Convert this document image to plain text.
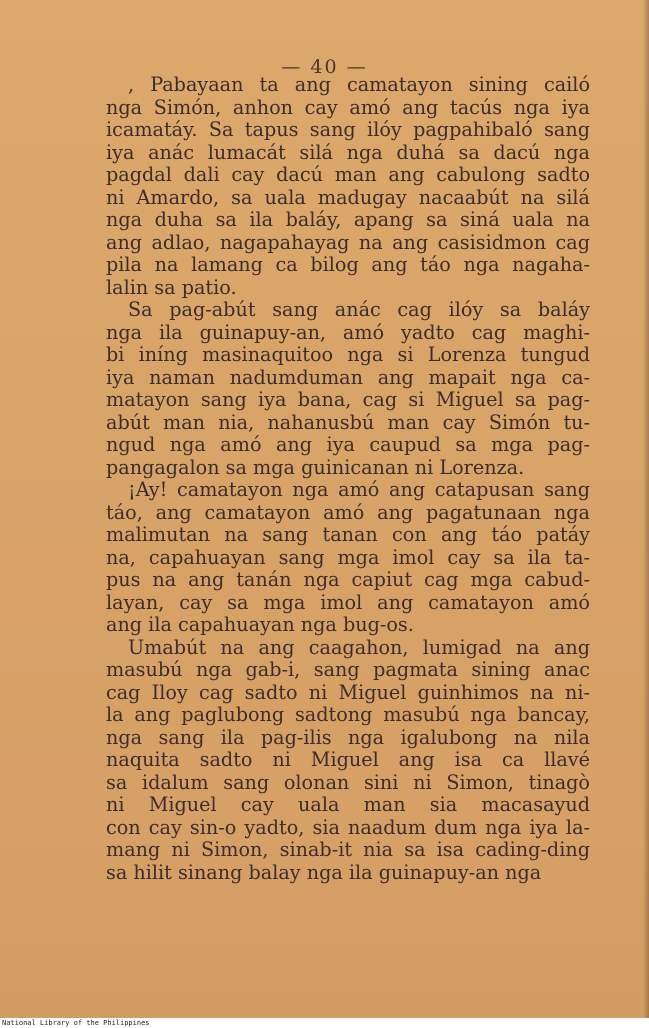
— 40 —
, Pabayaan ta ang camatayon sining cailó
nga Simón, anhon cay amó ang tacús nga iya
icamatáy. Sa tapus sang ilóy pagpahibaló sang
iya anác lumacát silá nga duhá sa dacú nga
pagdal dali cay dacú man ang cabulong sadto
ni Amardo, sa uala madugay nacaabút na silá
nga duha sa ila baláy, apang sa siná uala na
ang adlao, nagapahayag na ang casisidmon cag
pila na lamang ca bilog ang táo nga nagaha-
lalin sa patio.
Sa pag-abút sang anác cag ilóy sa baláy
nga ila guinapuy-an, amó yadto cag maghi-
bi iníng masinaquitoo nga si Lorenza tungud
iya naman nadumduman ang mapait nga ca-
matayon sang iya bana, cag si Miguel sa pag-
abút man nia, nahanusbú man cay Simón tu-
ngud nga amó ang iya caupud sa mga pag-
pangagalon sa mga guinicanan ni Lorenza.
¡Ay! camatayon nga amó ang catapusan sang
táo, ang camatayon amó ang pagatunaan nga
malimutan na sang tanan con ang táo patáy
na, capahuayan sang mga imol cay sa ila ta-
pus na ang tanán nga capiut cag mga cabud-
layan, cay sa mga imol ang camatayon amó
ang ila capahuayan nga bug-os.
Umabút na ang caagahon, lumigad na ang
masubú nga gab-i, sang pagmata sining anac
cag Iloy cag sadto ni Miguel guinhimos na ni-
la ang paglubong sadtong masubú nga bancay,
nga sang ila pag-ilis nga igalubong na nila
naquita sadto ni Miguel ang isa ca llavé
sa idalum sang olonan sini ni Simon, tinagò
ni Miguel cay uala man sia macasayud
con cay sin-o yadto, sia naadum dum nga iya la-
mang ni Simon, sinab-it nia sa isa cading-ding
sa hilit sinang balay nga ila guinapuy-an nga
National Library of the Philippines
